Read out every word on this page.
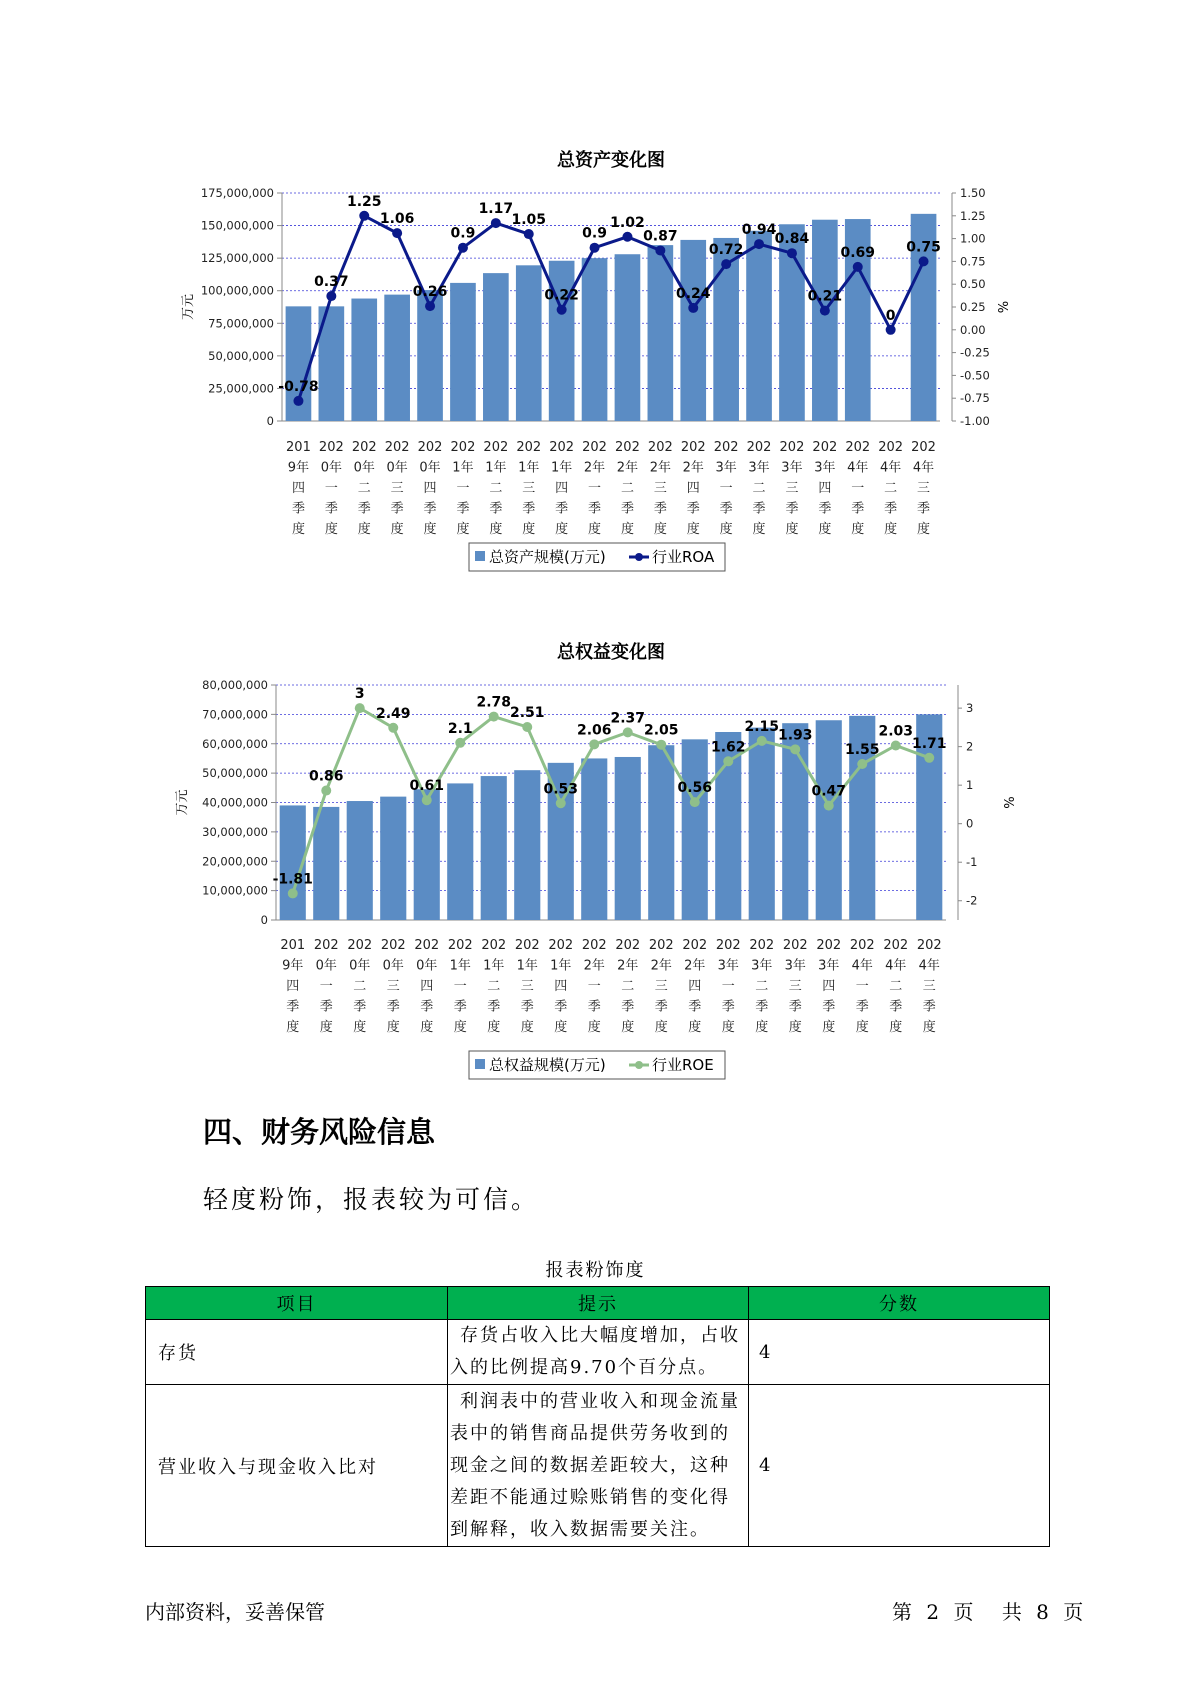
总资产变化图
0
25,000,000
50,000,000
75,000,000
100,000,000
125,000,000
150,000,000
175,000,000
-1.00
-0.75
-0.50
-0.25
0.00
0.25
0.50
0.75
1.00
1.25
1.50
万元	%
-0.78
0.37
1.25
1.06
0.26
0.9
1.17
1.05
0.22
0.9
1.02
0.87
0.24
0.72
0.94
0.84
0.21
0.69
0
0.75
201 9年四季度
202 0年一季度
202 0年二季度
202 0年三季度
202 0年四季度
202 1年一季度
202 1年二季度
202 1年三季度
202 1年四季度
202 2年一季度
202 2年二季度
202 2年三季度
202 2年四季度
202 3年一季度
202 3年二季度
202 3年三季度
202 3年四季度
202 4年一季度
202 4年二季度
202 4年三季度
总资产规模(万元)	行业ROA
总权益变化图
0
10,000,000
20,000,000
30,000,000
40,000,000
50,000,000
60,000,000
70,000,000
80,000,000
-2
-1
0
1
2
3
万元	%
-1.81
0.86
3
2.49
0.61
2.1
2.78
2.51
0.53
2.06
2.37
2.05
0.56
1.62
2.15
1.93
0.47
1.55
2.03
1.71
201 9年四季度
202 0年一季度
202 0年二季度
202 0年三季度
202 0年四季度
202 1年一季度
202 1年二季度
202 1年三季度
202 1年四季度
202 2年一季度
202 2年二季度
202 2年三季度
202 2年四季度
202 3年一季度
202 3年二季度
202 3年三季度
202 3年四季度
202 4年一季度
202 4年二季度
202 4年三季度
总权益规模(万元)	行业ROE
四、财务风险信息
轻度粉饰，报表较为可信。
报表粉饰度
项目	提示	分数
存货	存货占收入比大幅度增加，占收入的比例提高9.70个百分点。	4
营业收入与现金收入比对	利润表中的营业收入和现金流量表中的销售商品提供劳务收到的现金之间的数据差距较大，这种差距不能通过赊账销售的变化得到解释，收入数据需要关注。	4
内部资料，妥善保管	第 2 页 共 8 页
